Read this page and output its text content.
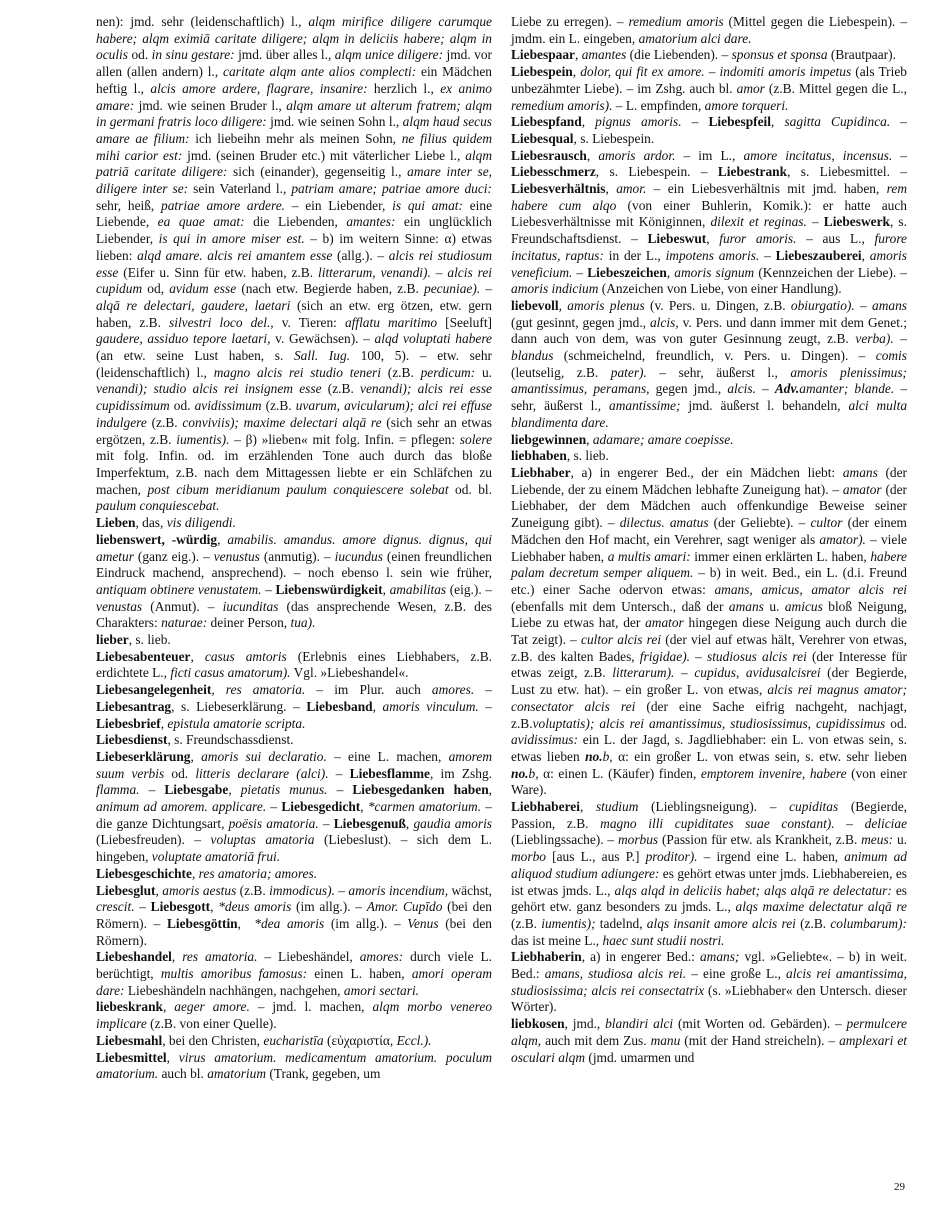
nen): jmd. sehr (leidenschaftlich) l., alqm mirifice diligere carumque habere; alqm eximiā caritate diligere; alqm in deliciis habere; alqm in oculis od. in sinu gestare: jmd. über alles l., alqm unice diligere: jmd. vor allen (allen andern) l., caritate alqm ante alios complecti: ein Mädchen heftig l., alcis amore ardere, flagrare, insanire: herzlich l., ex animo amare: jmd. wie seinen Bruder l., alqm amare ut alterum fratrem; alqm in germani fratris loco diligere: jmd. wie seinen Sohn l., alqm haud secus amare ae filium: ich liebeihn mehr als meinen Sohn, ne filius quidem mihi carior est: jmd. (seinen Bruder etc.) mit väterlicher Liebe l., alqm patriā caritate diligere: sich (einander), gegenseitig l., amare inter se, diligere inter se: sein Vaterland l., patriam amare; patriae amore duci: sehr, heiß, patriae amore ardere. – ein Liebender, is qui amat: eine Liebende, ea quae amat: die Liebenden, amantes: ein unglücklich Liebender, is qui in amore miser est. – b) im weitern Sinne: α) etwas lieben: alqd amare. alcis rei amantem esse (allg.). – alcis rei studiosum esse (Eifer u. Sinn für etw. haben, z.B. litterarum, venandi). – alcis rei cupidum od, avidum esse (nach etw. Begierde haben, z.B. pecuniae). – alqā re delectari, gaudere, laetari (sich an etw. erg ötzen, etw. gern haben, z.B. silvestri loco del., v. Tieren: afflatu maritimo [Seeluft] gaudere, assiduo tepore laetari, v. Gewächsen). – alqd voluptati habere (an etw. seine Lust haben, s. Sall. Iug. 100, 5). – etw. sehr (leidenschaftlich) l., magno alcis rei studio teneri (z.B. perdicum: u. venandi); studio alcis rei insignem esse (z.B. venandi); alcis rei esse cupidissimum od. avidissimum (z.B. uvarum, avicularum); alci rei effuse indulgere (z.B. conviviis); maxime delectari alqā re (sich sehr an etwas ergötzen, z.B. iumentis). – β) »lieben« mit folg. Infin. = pflegen: solere mit folg. Infin. od. im erzählenden Tone auch durch das bloße Imperfektum, z.B. nach dem Mittagessen liebte er ein Schläfchen zu machen, post cibum meridianum paulum conquiescere solebat od. bl. paulum conquiescebat.

Lieben, das, vis diligendi.

liebenswert, -würdig, amabilis. amandus. amore dignus. dignus, qui ametur (ganz eig.). – venustus (anmutig). – iucundus (einen freundlichen Eindruck machend, ansprechend). – noch ebenso l. sein wie früher, antiquam obtinere venustatem. – Liebenswürdigkeit, amabilitas (eig.). – venustas (Anmut). – iucunditas (das ansprechende Wesen, z.B. des Charakters: naturae: deiner Person, tua).

lieber, s. lieb.

Liebesabenteuer, casus amtoris (Erlebnis eines Liebhabers, z.B. erdichtete L., ficti casus amatorum). Vgl. »Liebeshandel«.

Liebesangelegenheit, res amatoria. – im Plur. auch amores. – Liebesantrag, s. Liebeserklärung. – Liebesband, amoris vinculum. – Liebesbrief, epistula amatorie scripta.

Liebesdienst, s. Freundschassdienst.

Liebeserklärung, amoris sui declaratio. – eine L. machen, amorem suum verbis od. litteris declarare (alci). – Liebesflamme, im Zshg. flamma. – Liebesgabe, pietatis munus. – Liebesgedanken haben, animum ad amorem. applicare. – Liebesgedicht, *carmen amatorium. – die ganze Dichtungsart, poësis amatoria. – Liebesgenuß, gaudia amoris (Liebesfreuden). – voluptas amatoria (Liebeslust). – sich dem L. hingeben, voluptate amatoriā frui.

Liebesgeschichte, res amatoria; amores.

Liebesglut, amoris aestus (z.B. immodicus). – amoris incendium, wächst, crescit. – Liebesgott, *deus amoris (im allg.). – Amor. Cupīdo (bei den Römern). – Liebesgöttin,  *dea amoris (im allg.). – Venus (bei den Römern).

Liebeshandel, res amatoria. – Liebeshändel, amores: durch viele L. berüchtigt, multis amoribus famosus: einen L. haben, amori operam dare: Liebeshändeln nachhängen, nachgehen, amori sectari.

liebeskrank, aeger amore. – jmd. l. machen, alqm morbo venereo implicare (z.B. von einer Quelle).

Liebesmahl, bei den Christen, eucharistīa (εὐχαριστία, Eccl.).

Liebesmittel, virus amatorium. medicamentum amatorium. poculum amatorium. auch bl. amatorium (Trank, gegeben, um

Liebe zu erregen). – remedium amoris (Mittel gegen die Liebespein). – jmdm. ein L. eingeben, amatorium alci dare.

Liebespaar, amantes (die Liebenden). – sponsus et sponsa (Brautpaar).

Liebespein, dolor, qui fit ex amore. – indomiti amoris impetus (als Trieb unbezähmter Liebe). – im Zshg. auch bl. amor (z.B. Mittel gegen die L., remedium amoris). – L. empfinden, amore torqueri.

Liebespfand, pignus amoris. – Liebespfeil, sagitta Cupidinca. – Liebesqual, s. Liebespein.

Liebesrausch, amoris ardor. – im L., amore incitatus, incensus. – Liebesschmerz, s. Liebespein. – Liebestrank, s. Liebesmittel. – Liebesverhältnis, amor. – ein Liebesverhältnis mit jmd. haben, rem habere cum alqo (von einer Buhlerin, Komik.): er hatte auch Liebesverhältnisse mit Königinnen, dilexit et reginas. – Liebeswerk, s. Freundschaftsdienst. – Liebeswut, furor amoris. – aus L., furore incitatus, raptus: in der L., impotens amoris. – Liebeszauberei, amoris veneficium. – Liebeszeichen, amoris signum (Kennzeichen der Liebe). – amoris indicium (Anzeichen von Liebe, von einer Handlung).

liebevoll, amoris plenus (v. Pers. u. Dingen, z.B. obiurgatio). – amans (gut gesinnt, gegen jmd., alcis, v. Pers. und dann immer mit dem Genet.; dann auch von dem, was von guter Gesinnung zeugt, z.B. verba). – blandus (schmeichelnd, freundlich, v. Pers. u. Dingen). – comis (leutselig, z.B. pater). – sehr, äußerst l., amoris plenissimus; amantissimus, peramans, gegen jmd., alcis. – Adv.amanter; blande. – sehr, äußerst l., amantissime; jmd. äußerst l. behandeln, alci multa blandimenta dare.

liebgewinnen, adamare; amare coepisse.

liebhaben, s. lieb.

Liebhaber, a) in engerer Bed., der ein Mädchen liebt: amans (der Liebende, der zu einem Mädchen lebhafte Zuneigung hat). – amator (der Liebhaber, der dem Mädchen auch offenkundige Beweise seiner Zuneigung gibt). – dilectus. amatus (der Geliebte). – cultor (der einem Mädchen den Hof macht, ein Verehrer, sagt weniger als amator). – viele Liebhaber haben, a multis amari: immer einen erklärten L. haben, habere palam decretum semper aliquem. – b) in weit. Bed., ein L. (d.i. Freund etc.) einer Sache odervon etwas: amans, amicus, amator alcis rei (ebenfalls mit dem Untersch., daß der amans u. amicus bloß Neigung, Liebe zu etwas hat, der amator hingegen diese Neigung auch durch die Tat zeigt). – cultor alcis rei (der viel auf etwas hält, Verehrer von etwas, z.B. des kalten Bades, frigidae). – studiosus alcis rei (der Interesse für etwas zeigt, z.B. litterarum). – cupidus, avidusalcisrei (der Begierde, Lust zu etw. hat). – ein großer L. von etwas, alcis rei magnus amator; consectator alcis rei (der eine Sache eifrig nachgeht, nachjagt, z.B.voluptatis); alcis rei amantissimus, studiosissimus, cupidissimus od. avidissimus: ein L. der Jagd, s. Jagdliebhaber: ein L. von etwas sein, s. etwas lieben no.b, α: ein großer L. von etwas sein, s. etw. sehr lieben no.b, α: einen L. (Käufer) finden, emptorem invenire, habere (von einer Ware).

Liebhaberei, studium (Lieblingsneigung). – cupiditas (Begierde, Passion, z.B. magno illi cupiditates suae constant). – deliciae (Lieblingssache). – morbus (Passion für etw. als Krankheit, z.B. meus: u. morbo [aus L., aus P.] proditor). – irgend eine L. haben, animum ad aliquod studium adiungere: es gehört etwas unter jmds. Liebhabereien, es ist etwas jmds. L., alqs alqd in deliciis habet; alqs alqā re delectatur: es gehört etw. ganz besonders zu jmds. L., alqs maxime delectatur alqā re (z.B. iumentis); tadelnd, alqs insanit amore alcis rei (z.B. columbarum): das ist meine L., haec sunt studii nostri.

Liebhaberin, a) in engerer Bed.: amans; vgl. »Geliebte«. – b) in weit. Bed.: amans, studiosa alcis rei. – eine große L., alcis rei amantissima, studiosissima; alcis rei consectatrix (s. »Liebhaber« den Untersch. dieser Wörter).

liebkosen, jmd., blandiri alci (mit Worten od. Gebärden). – permulcere alqm, auch mit dem Zus. manu (mit der Hand streicheln). – amplexari et osculari alqm (jmd. umarmen und

29
